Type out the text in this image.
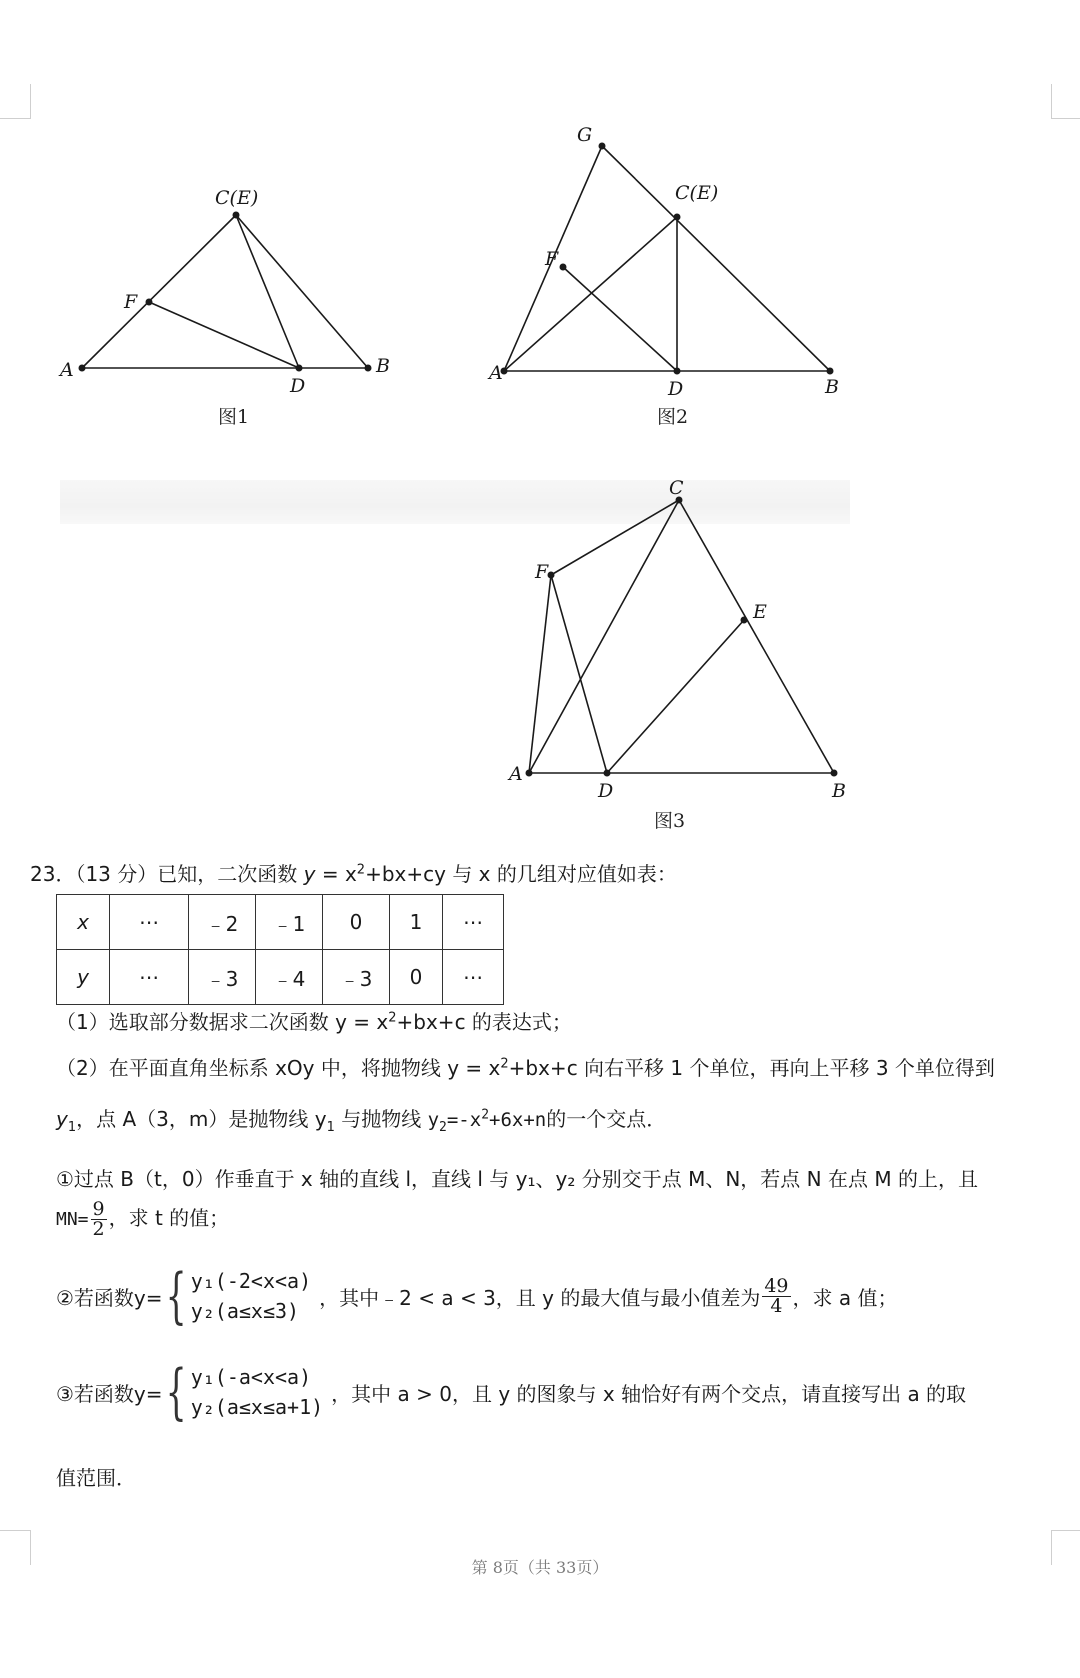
A	B
C(E)
D
F
图1
A
B
C(E)
D
F
G
图2
A
B
C
D
E
F
图3
23．（13 分）已知，二次函数 $y = x^2+bx+cy$ 与 x 的几组对应值如表：
x	⋯	﹣2	﹣1	0	1	⋯
y	⋯	﹣3	﹣4	﹣3	0	⋯
（1）选取部分数据求二次函数 $y = x^2+bx+c$ 的表达式；
（2）在平面直角坐标系 xOy 中，将抛物线 $y = x^2+bx+c$ 向右平移 1 个单位，再向上平移 3 个单位得到
$y_1$，点 A（3，m）是抛物线 $y_1$ 与抛物线 $y_2=-x^2+6x+n$的一个交点．
①过点 B（t，0）作垂直于 x 轴的直线 l，直线 l 与 y₁、y₂ 分别交于点 M、N，若点 N 在点 M 的上，且
$MN= \frac{9}{2}$ ，求 t 的值；
②若函数y= { y₁(-2<x<a)
y₂(a≤x≤3)
，其中﹣2 < a < 3，且 y 的最大值与最小值差为 $\frac{49}{4}$ ，求 a 值；
③若函数y= { y₁(-a<x<a)
y₂(a≤x≤a+1)
，其中 a > 0，且 y 的图象与 x 轴恰好有两个交点，请直接写出 a 的取
值范围．
第 8页（共 33页）
